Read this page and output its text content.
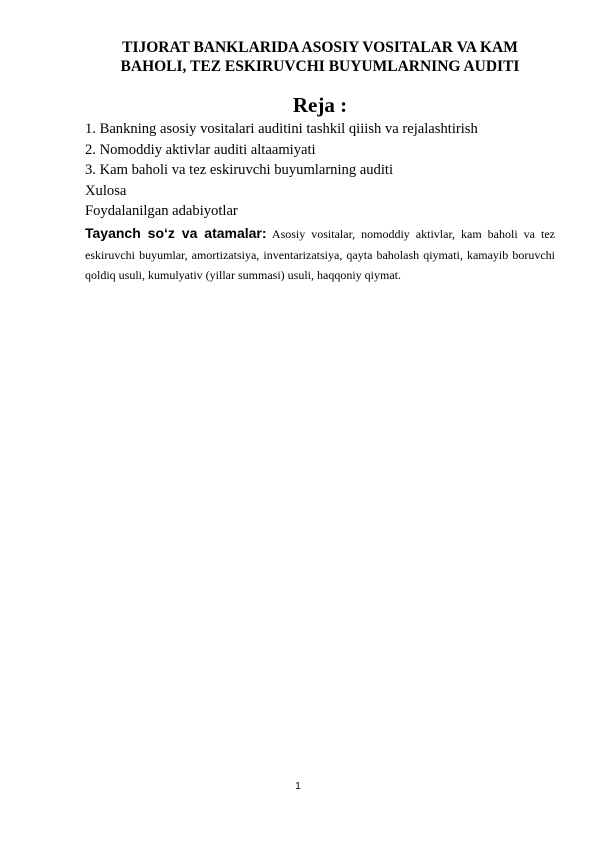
TIJORAT BANKLARIDA ASOSIY VOSITALAR VA KAM
BAHOLI, TEZ ESKIRUVCHI BUYUMLARNING AUDITI
Reja :
1. Bankning asosiy vositalari auditini tashkil qiiish va rejalashtirish
2. Nomoddiy aktivlar auditi altaamiyati
3. Kam baholi va tez eskiruvchi buyumlarning auditi
Xulosa
Foydalanilgan adabiyotlar

Tayanch so‘z va atamalar: Asosiy vositalar, nomoddiy aktivlar, kam baholi va tez eskiruvchi buyumlar, amortizatsiya, inventarizatsiya, qayta baholash qiymati, kamayib boruvchi qoldiq usuli, kumulyativ (yillar summasi) usuli, haqqoniy qiymat.

1
